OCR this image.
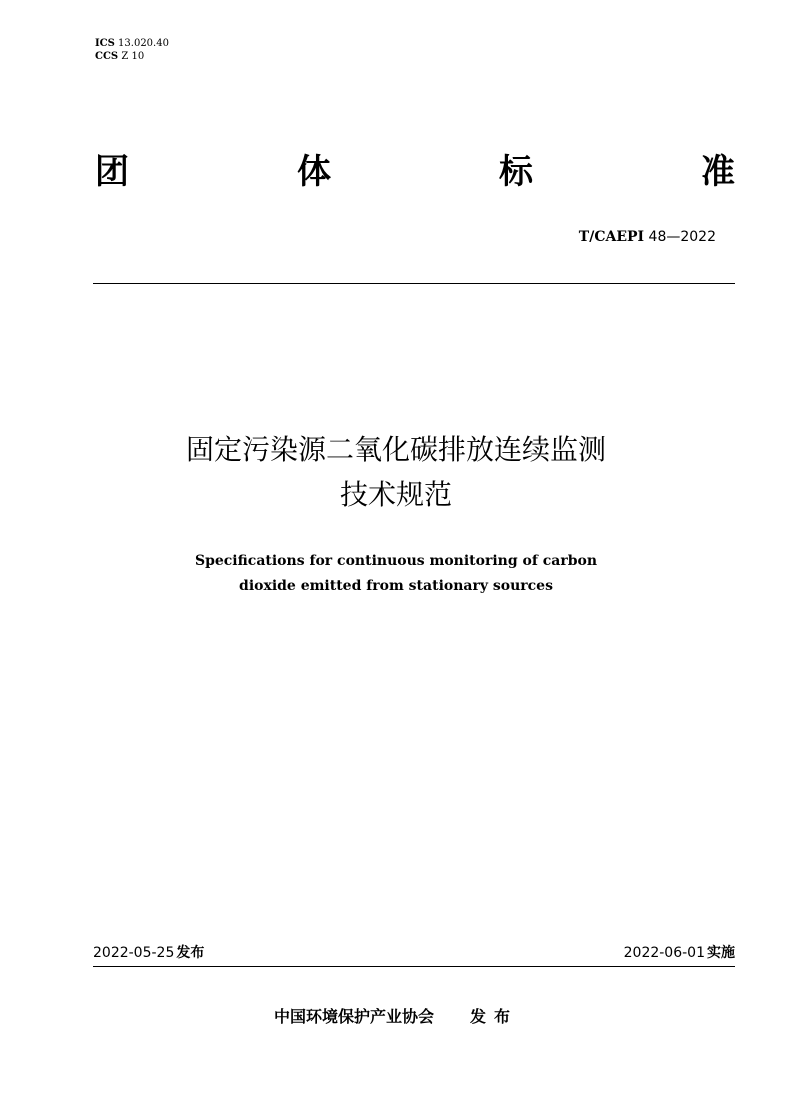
ICS 13.020.40
CCS Z 10
团	体	标	准
T/CAEPI 48—2022
固定污染源二氧化碳排放连续监测
技术规范
Specifications for continuous monitoring of carbon
dioxide emitted from stationary sources
2022-05-25 发布	2022-06-01 实施
中国环境保护产业协会 发布
